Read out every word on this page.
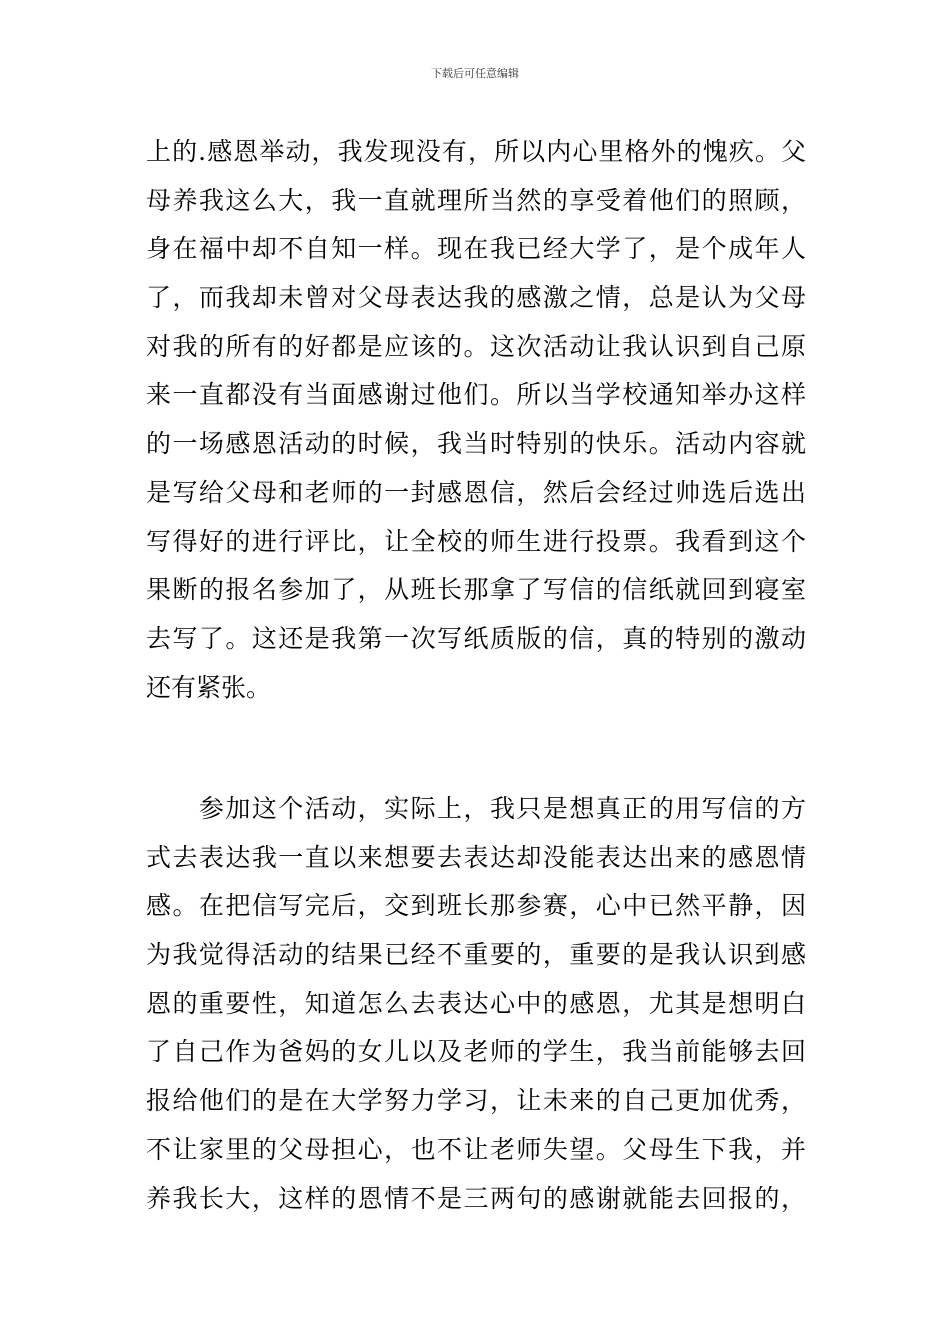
下载后可任意编辑
上的.感恩举动，我发现没有，所以内心里格外的愧疚。父
母养我这么大，我一直就理所当然的享受着他们的照顾，
身在福中却不自知一样。现在我已经大学了，是个成年人
了，而我却未曾对父母表达我的感激之情，总是认为父母
对我的所有的好都是应该的。这次活动让我认识到自己原
来一直都没有当面感谢过他们。所以当学校通知举办这样
的一场感恩活动的时候，我当时特别的快乐。活动内容就
是写给父母和老师的一封感恩信，然后会经过帅选后选出
写得好的进行评比，让全校的师生进行投票。我看到这个
果断的报名参加了，从班长那拿了写信的信纸就回到寝室
去写了。这还是我第一次写纸质版的信，真的特别的激动
还有紧张。
　　参加这个活动，实际上，我只是想真正的用写信的方
式去表达我一直以来想要去表达却没能表达出来的感恩情
感。在把信写完后，交到班长那参赛，心中已然平静，因
为我觉得活动的结果已经不重要的，重要的是我认识到感
恩的重要性，知道怎么去表达心中的感恩，尤其是想明白
了自己作为爸妈的女儿以及老师的学生，我当前能够去回
报给他们的是在大学努力学习，让未来的自己更加优秀，
不让家里的父母担心，也不让老师失望。父母生下我，并
养我长大，这样的恩情不是三两句的感谢就能去回报的，
